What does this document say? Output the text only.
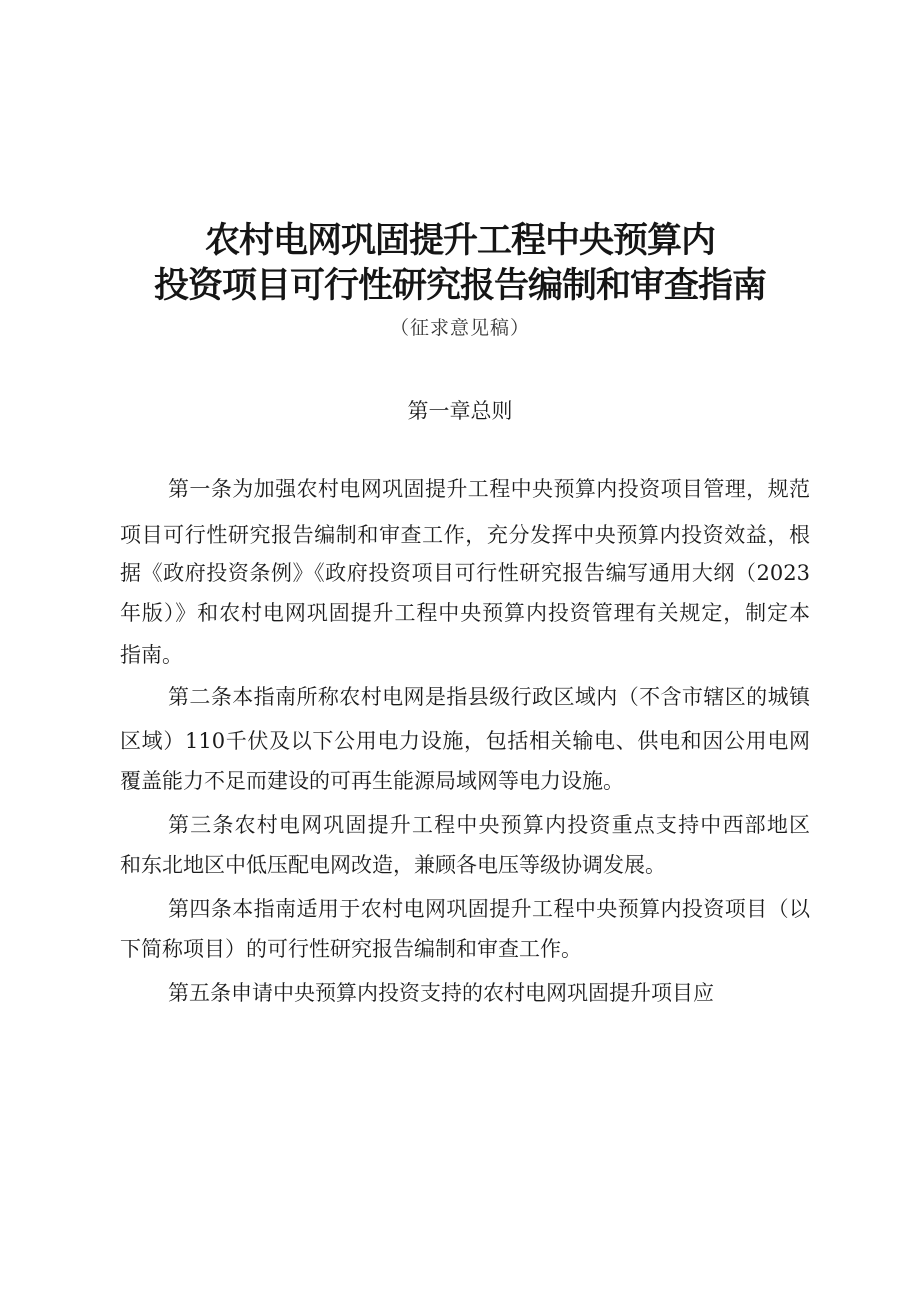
农村电网巩固提升工程中央预算内
投资项目可行性研究报告编制和审查指南
（征求意见稿）
第一章总则
第一条为加强农村电网巩固提升工程中央预算内投资项目管理，规范
项目可行性研究报告编制和审查工作，充分发挥中央预算内投资效益，根
据《政府投资条例》《政府投资项目可行性研究报告编写通用大纲（2023
年版）》和农村电网巩固提升工程中央预算内投资管理有关规定，制定本
指南。
第二条本指南所称农村电网是指县级行政区域内（不含市辖区的城镇
区域）110千伏及以下公用电力设施，包括相关输电、供电和因公用电网
覆盖能力不足而建设的可再生能源局域网等电力设施。
第三条农村电网巩固提升工程中央预算内投资重点支持中西部地区
和东北地区中低压配电网改造，兼顾各电压等级协调发展。
第四条本指南适用于农村电网巩固提升工程中央预算内投资项目（以
下简称项目）的可行性研究报告编制和审查工作。
第五条申请中央预算内投资支持的农村电网巩固提升项目应
